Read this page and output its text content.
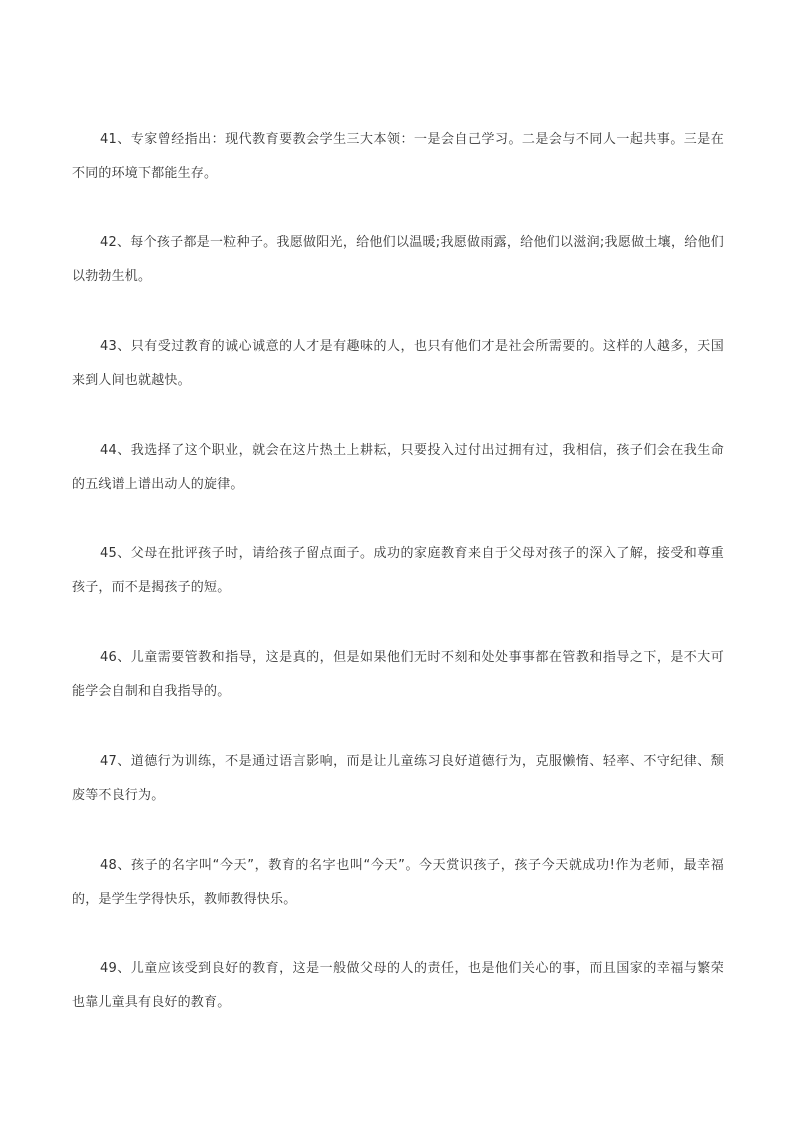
41、专家曾经指出：现代教育要教会学生三大本领：一是会自己学习。二是会与不同人一起共事。三是在不同的环境下都能生存。

42、每个孩子都是一粒种子。我愿做阳光，给他们以温暖;我愿做雨露，给他们以滋润;我愿做土壤，给他们以勃勃生机。

43、只有受过教育的诚心诚意的人才是有趣味的人，也只有他们才是社会所需要的。这样的人越多，天国来到人间也就越快。

44、我选择了这个职业，就会在这片热土上耕耘，只要投入过付出过拥有过，我相信，孩子们会在我生命的五线谱上谱出动人的旋律。

45、父母在批评孩子时，请给孩子留点面子。成功的家庭教育来自于父母对孩子的深入了解，接受和尊重孩子，而不是揭孩子的短。

46、儿童需要管教和指导，这是真的，但是如果他们无时不刻和处处事事都在管教和指导之下，是不大可能学会自制和自我指导的。

47、道德行为训练，不是通过语言影响，而是让儿童练习良好道德行为，克服懒惰、轻率、不守纪律、颓废等不良行为。

48、孩子的名字叫“今天”，教育的名字也叫“今天”。今天赏识孩子，孩子今天就成功!作为老师，最幸福的，是学生学得快乐，教师教得快乐。

49、儿童应该受到良好的教育，这是一般做父母的人的责任，也是他们关心的事，而且国家的幸福与繁荣也靠儿童具有良好的教育。
